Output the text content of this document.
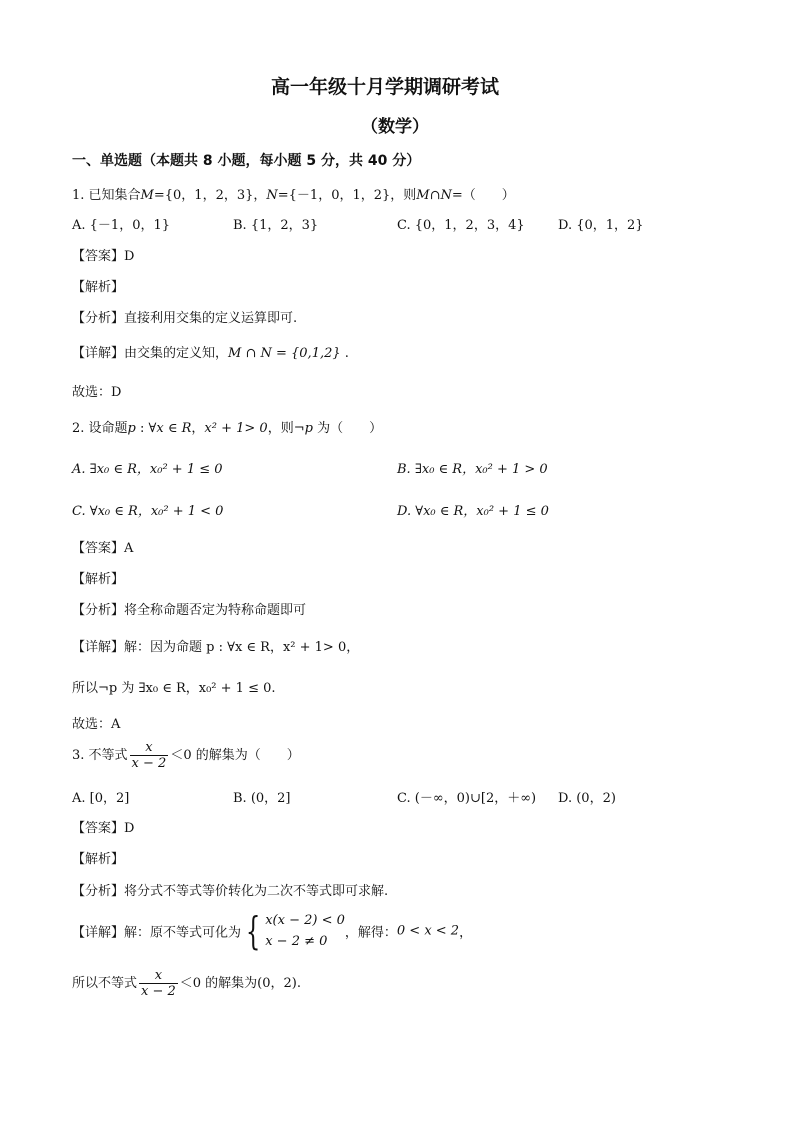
高一年级十月学期调研考试
（数学）
一、单选题（本题共 8 小题，每小题 5 分，共 40 分）
1. 已知集合M={0，1，2，3}，N={－1，0，1，2}，则M∩N=（　　）
A. {－1，0，1}	B. {1，2，3}	C. {0，1，2，3，4}	D. {0，1，2}
【答案】D
【解析】
【分析】直接利用交集的定义运算即可.
【详解】由交集的定义知，M ∩ N = {0,1,2} .
故选：D
2. 设命题p : ∀x ∈ R，x² + 1> 0，则¬p 为（　　）
A. ∃x₀ ∈ R，x₀² + 1 ≤ 0	B. ∃x₀ ∈ R，x₀² + 1 > 0
C. ∀x₀ ∈ R，x₀² + 1 < 0	D. ∀x₀ ∈ R，x₀² + 1 ≤ 0
【答案】A
【解析】
【分析】将全称命题否定为特称命题即可
【详解】解：因为命题 p : ∀x ∈ R，x² + 1> 0，
所以¬p 为 ∃x₀ ∈ R，x₀² + 1 ≤ 0.
故选：A
3. 不等式 $\frac{x}{x - 2} <0$ 的解集为（　　）
A. [0，2]	B. (0，2]	C. (－∞，0)∪[2，＋∞) D. (0，2)
【答案】D
【解析】
【分析】将分式不等式等价转化为二次不等式即可求解.
【详解】解：原不等式可化为 { x(x − 2) < 0
x − 2 ≠ 0
，解得：0 < x < 2，
所以不等式 $\frac{x}{x - 2} <0$ 的解集为(0，2).
